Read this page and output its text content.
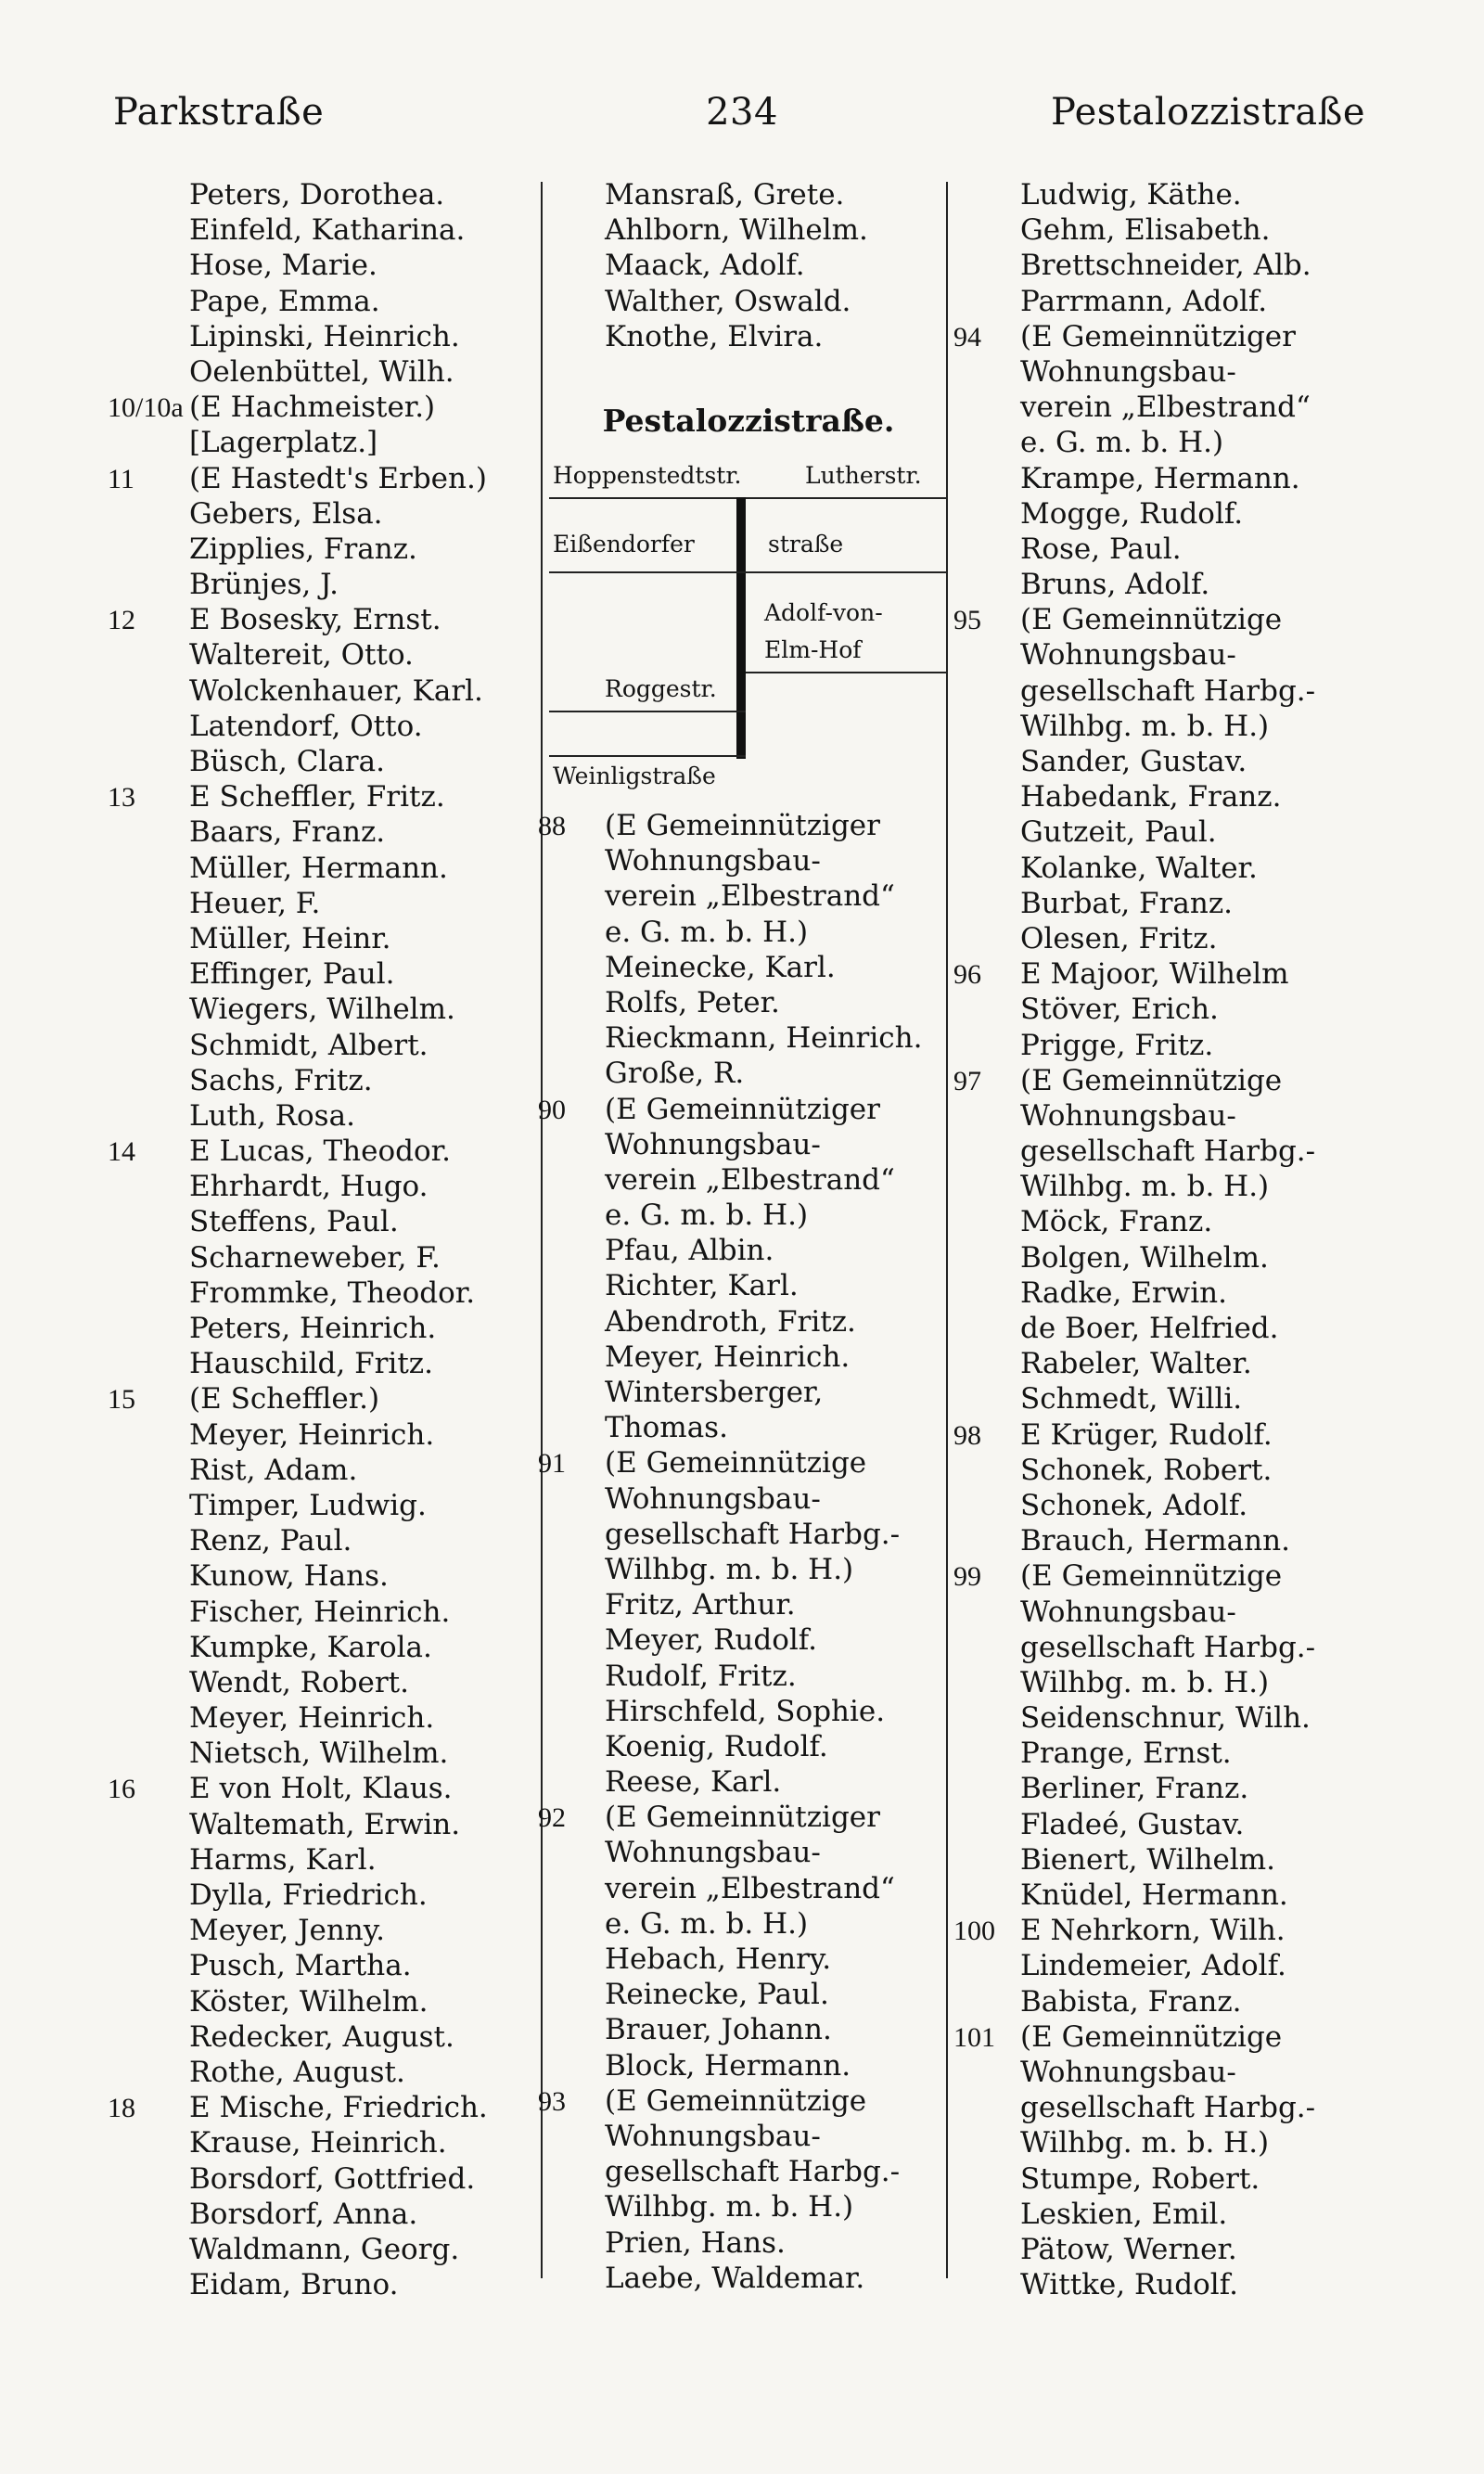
Parkstraße	234	Pestalozzistraße
Peters, Dorothea.
Einfeld, Katharina.
Hose, Marie.
Pape, Emma.
Lipinski, Heinrich.
Oelenbüttel, Wilh.
10/10a (E Hachmeister.)
[Lagerplatz.]
11	(E Hastedt's Erben.)
Gebers, Elsa.
Zipplies, Franz.
Brünjes, J.
12	E Bosesky, Ernst.
Waltereit, Otto.
Wolckenhauer, Karl.
Latendorf, Otto.
Büsch, Clara.
13	E Scheffler, Fritz.
Baars, Franz.
Müller, Hermann.
Heuer, F.
Müller, Heinr.
Effinger, Paul.
Wiegers, Wilhelm.
Schmidt, Albert.
Sachs, Fritz.
Luth, Rosa.
14	E Lucas, Theodor.
Ehrhardt, Hugo.
Steffens, Paul.
Scharneweber, F.
Frommke, Theodor.
Peters, Heinrich.
Hauschild, Fritz.
15	(E Scheffler.)
Meyer, Heinrich.
Rist, Adam.
Timper, Ludwig.
Renz, Paul.
Kunow, Hans.
Fischer, Heinrich.
Kumpke, Karola.
Wendt, Robert.
Meyer, Heinrich.
Nietsch, Wilhelm.
16	E von Holt, Klaus.
Waltemath, Erwin.
Harms, Karl.
Dylla, Friedrich.
Meyer, Jenny.
Pusch, Martha.
Köster, Wilhelm.
Redecker, August.
Rothe, August.
18	E Mische, Friedrich.
Krause, Heinrich.
Borsdorf, Gottfried.
Borsdorf, Anna.
Waldmann, Georg.
Eidam, Bruno.
Mansraß, Grete.
Ahlborn, Wilhelm.
Maack, Adolf.
Walther, Oswald.
Knothe, Elvira.
Pestalozzistraße.
Hoppenstedtstr.	Lutherstr.
Eißendorfer	straße
Adolf-von-
Elm-Hof
Roggestr.
Weinligstraße
88	(E Gemeinnütziger
Wohnungsbau-
verein „Elbestrand“
e. G. m. b. H.)
Meinecke, Karl.
Rolfs, Peter.
Rieckmann, Heinrich.
Große, R.
90	(E Gemeinnütziger
Wohnungsbau-
verein „Elbestrand“
e. G. m. b. H.)
Pfau, Albin.
Richter, Karl.
Abendroth, Fritz.
Meyer, Heinrich.
Wintersberger,
Thomas.
91	(E Gemeinnützige
Wohnungsbau-
gesellschaft Harbg.-
Wilhbg. m. b. H.)
Fritz, Arthur.
Meyer, Rudolf.
Rudolf, Fritz.
Hirschfeld, Sophie.
Koenig, Rudolf.
Reese, Karl.
92	(E Gemeinnütziger
Wohnungsbau-
verein „Elbestrand“
e. G. m. b. H.)
Hebach, Henry.
Reinecke, Paul.
Brauer, Johann.
Block, Hermann.
93	(E Gemeinnützige
Wohnungsbau-
gesellschaft Harbg.-
Wilhbg. m. b. H.)
Prien, Hans.
Laebe, Waldemar.
Ludwig, Käthe.
Gehm, Elisabeth.
Brettschneider, Alb.
Parrmann, Adolf.
94	(E Gemeinnütziger
Wohnungsbau-
verein „Elbestrand“
e. G. m. b. H.)
Krampe, Hermann.
Mogge, Rudolf.
Rose, Paul.
Bruns, Adolf.
95	(E Gemeinnützige
Wohnungsbau-
gesellschaft Harbg.-
Wilhbg. m. b. H.)
Sander, Gustav.
Habedank, Franz.
Gutzeit, Paul.
Kolanke, Walter.
Burbat, Franz.
Olesen, Fritz.
96	E Majoor, Wilhelm
Stöver, Erich.
Prigge, Fritz.
97	(E Gemeinnützige
Wohnungsbau-
gesellschaft Harbg.-
Wilhbg. m. b. H.)
Möck, Franz.
Bolgen, Wilhelm.
Radke, Erwin.
de Boer, Helfried.
Rabeler, Walter.
Schmedt, Willi.
98	E Krüger, Rudolf.
Schonek, Robert.
Schonek, Adolf.
Brauch, Hermann.
99	(E Gemeinnützige
Wohnungsbau-
gesellschaft Harbg.-
Wilhbg. m. b. H.)
Seidenschnur, Wilh.
Prange, Ernst.
Berliner, Franz.
Fladeé, Gustav.
Bienert, Wilhelm.
Knüdel, Hermann.
100 E Nehrkorn, Wilh.
Lindemeier, Adolf.
Babista, Franz.
101 (E Gemeinnützige
Wohnungsbau-
gesellschaft Harbg.-
Wilhbg. m. b. H.)
Stumpe, Robert.
Leskien, Emil.
Pätow, Werner.
Wittke, Rudolf.
